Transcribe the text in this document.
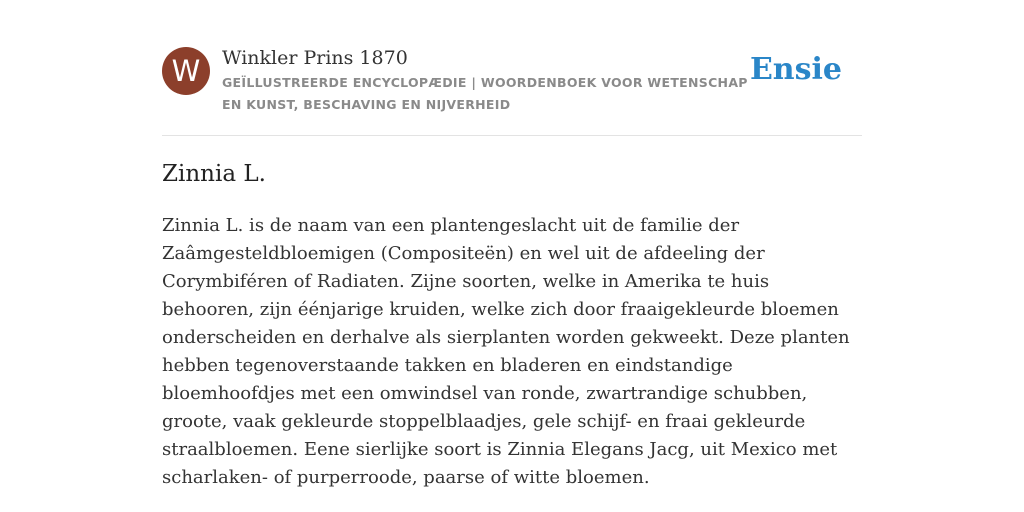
W	Winkler Prins 1870
GEÏLLUSTREERDE ENCYCLOPÆDIE | WOORDENBOEK VOOR WETENSCHAP EN KUNST, BESCHAVING EN NIJVERHEID
Ensie
Zinnia L.

Zinnia L. is de naam van een plantengeslacht uit de familie der Zaâmgesteldbloemigen (Compositeën) en wel uit de afdeeling der Corymbiféren of Radiaten. Zijne soorten, welke in Amerika te huis behooren, zijn éénjarige kruiden, welke zich door fraaigekleurde bloemen onderscheiden en derhalve als sierplanten worden gekweekt. Deze planten hebben tegenoverstaande takken en bladeren en eindstandige bloemhoofdjes met een omwindsel van ronde, zwartrandige schubben, groote, vaak gekleurde stoppelblaadjes, gele schijf- en fraai gekleurde straalbloemen. Eene sierlijke soort is Zinnia Elegans Jacg, uit Mexico met scharlaken- of purperroode, paarse of witte bloemen.
